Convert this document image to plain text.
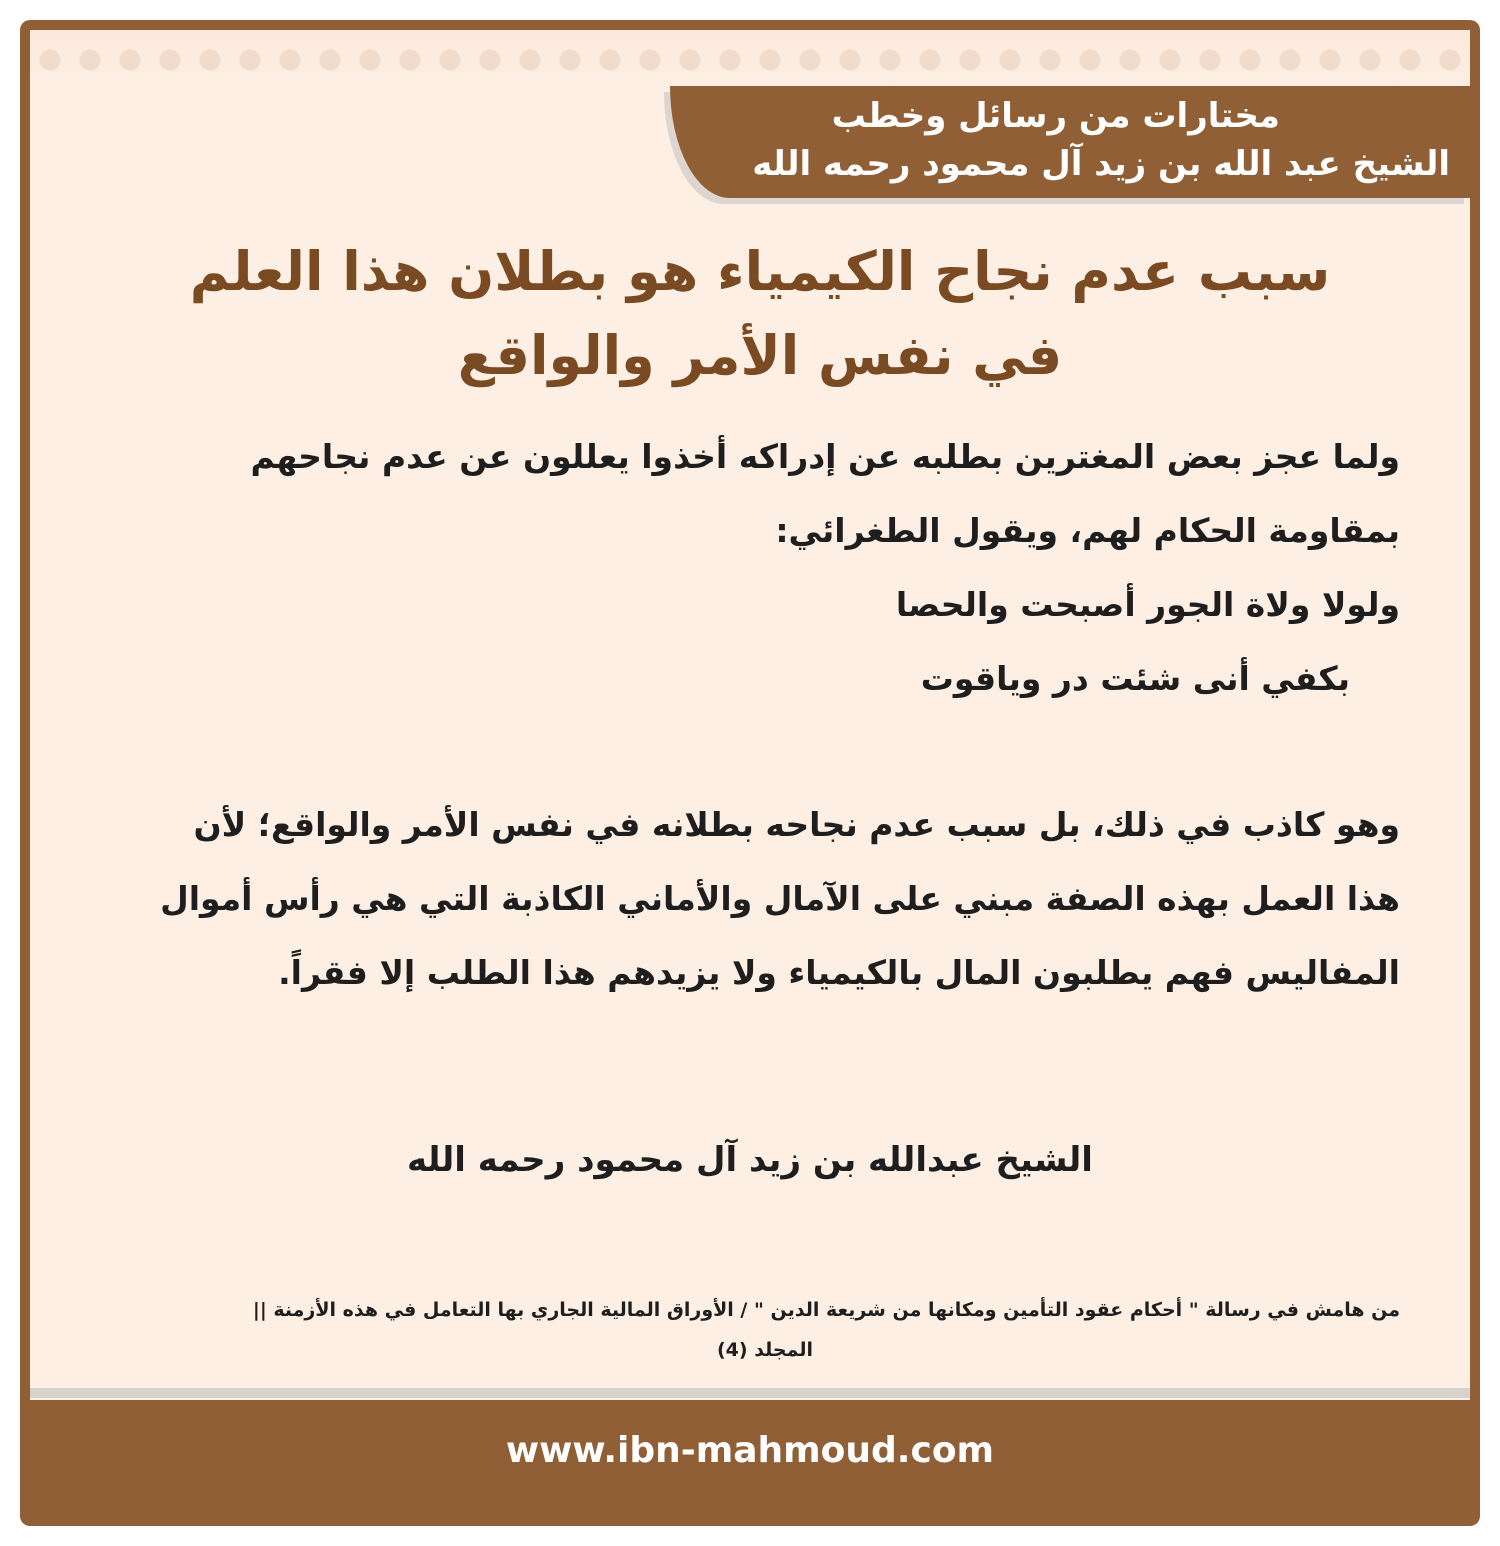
مختارات من رسائل وخطب
الشيخ عبد الله بن زيد آل محمود رحمه الله
سبب عدم نجاح الكيمياء هو بطلان هذا العلم
في نفس الأمر والواقع

ولما عجز بعض المغترين بطلبه عن إدراكه أخذوا يعللون عن عدم نجاحهم بمقاومة الحكام لهم، ويقول الطغرائي:

ولولا ولاة الجور أصبحت والحصا

بكفي أنى شئت در وياقوت

وهو كاذب في ذلك، بل سبب عدم نجاحه بطلانه في نفس الأمر والواقع؛ لأن هذا العمل بهذه الصفة مبني على الآمال والأماني الكاذبة التي هي رأس أموال المفاليس فهم يطلبون المال بالكيمياء ولا يزيدهم هذا الطلب إلا فقراً.

الشيخ عبدالله بن زيد آل محمود رحمه الله
من هامش في رسالة " أحكام عقود التأمين ومكانها من شريعة الدين " / الأوراق المالية الجاري بها التعامل في هذه الأزمنة ||
المجلد (4)
www.ibn-mahmoud.com
